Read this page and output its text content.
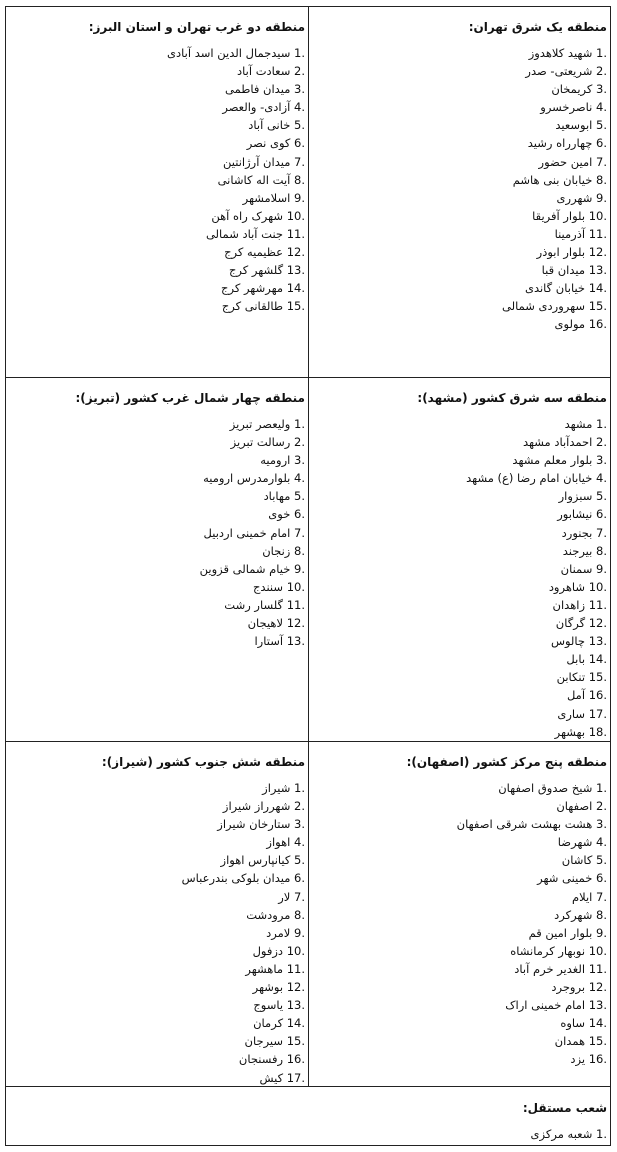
منطقه یک شرق تهران:
1. شهید کلاهدوز
2. شریعتی- صدر
3. کریمخان
4. ناصرخسرو
5. ابوسعید
6. چهارراه رشید
7. امین حضور
8. خیابان بنی هاشم
9. شهرری
10. بلوار آفریقا
11. آذرمینا
12. بلوار ابوذر
13. میدان قبا
14. خیابان گاندی
15. سهروردی شمالی
16. مولوی
منطقه دو غرب تهران و استان البرز:
1. سیدجمال الدین اسد آبادی
2. سعادت آباد
3. میدان فاطمی
4. آزادی- والعصر
5. خانی آباد
6. کوی نصر
7. میدان آرژانتین
8. آیت اله کاشانی
9. اسلامشهر
10. شهرک راه آهن
11. جنت آباد شمالی
12. عظیمیه کرج
13. گلشهر کرج
14. مهرشهر کرج
15. طالقانی کرج
منطقه سه شرق کشور (مشهد):
1. مشهد
2. احمدآباد مشهد
3. بلوار معلم مشهد
4. خیابان امام رضا (ع) مشهد
5. سبزوار
6. نیشابور
7. بجنورد
8. بیرجند
9. سمنان
10. شاهرود
11. زاهدان
12. گرگان
13. چالوس
14. بابل
15. تنکابن
16. آمل
17. ساری
18. بهشهر
منطقه چهار شمال غرب کشور (تبریز):
1. ولیعصر تبریز
2. رسالت تبریز
3. ارومیه
4. بلوارمدرس ارومیه
5. مهاباد
6. خوی
7. امام خمینی اردبیل
8. زنجان
9. خیام شمالی قزوین
10. سنندج
11. گلسار رشت
12. لاهیجان
13. آستارا
منطقه پنج مرکز کشور (اصفهان):
1. شیخ صدوق اصفهان
2. اصفهان
3. هشت بهشت شرقی اصفهان
4. شهرضا
5. کاشان
6. خمینی شهر
7. ایلام
8. شهرکرد
9. بلوار امین قم
10. نوبهار کرمانشاه
11. الغدیر خرم آباد
12. بروجرد
13. امام خمینی اراک
14. ساوه
15. همدان
16. یزد
منطقه شش جنوب کشور (شیراز):
1. شیراز
2. شهرراز شیراز
3. ستارخان شیراز
4. اهواز
5. کیانپارس اهواز
6. میدان بلوکی بندرعباس
7. لار
8. مرودشت
9. لامرد
10. دزفول
11. ماهشهر
12. بوشهر
13. یاسوج
14. کرمان
15. سیرجان
16. رفسنجان
17. کیش
شعب مستقل:
1. شعبه مرکزی
